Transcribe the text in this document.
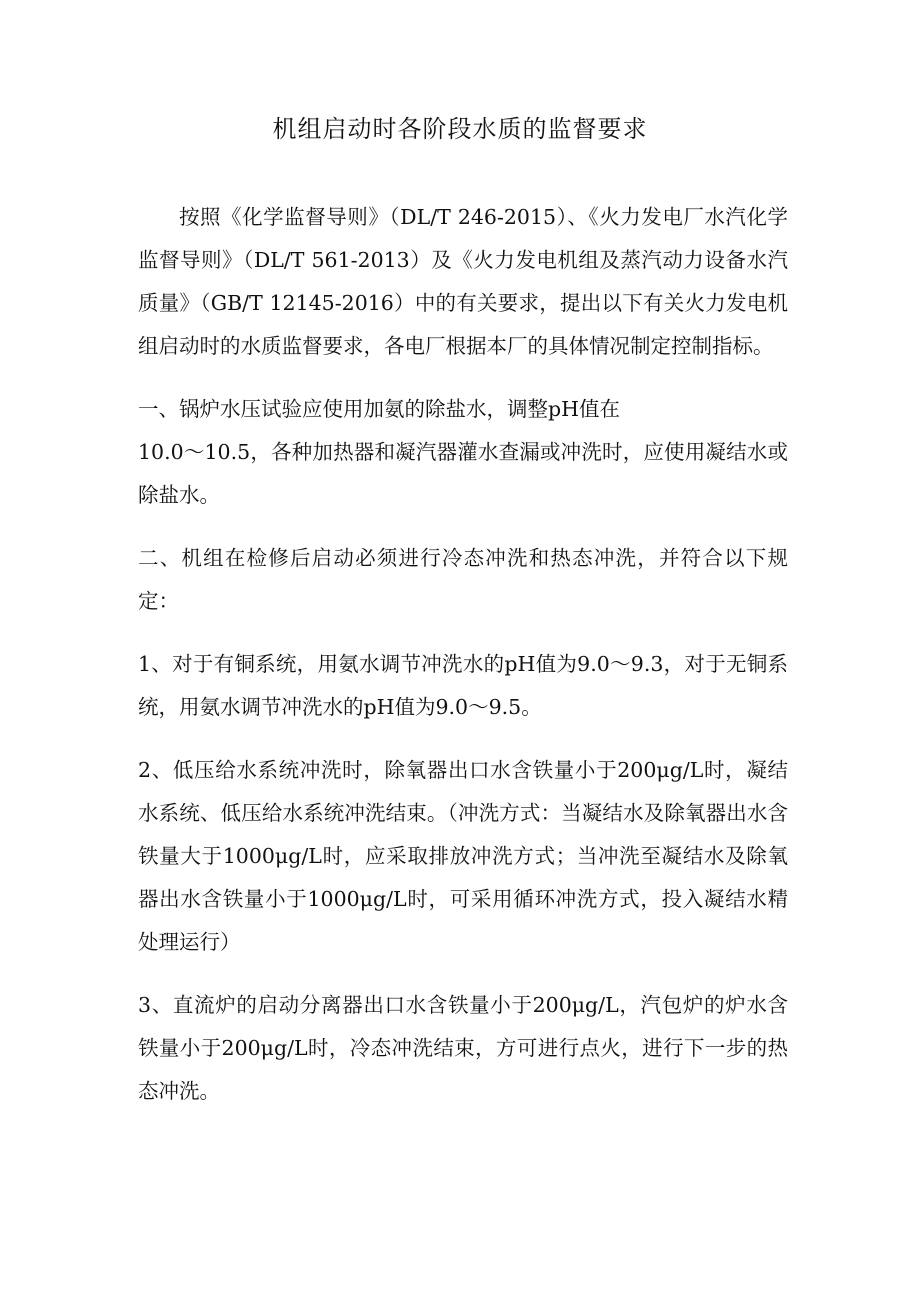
机组启动时各阶段水质的监督要求

按照《化学监督导则》（DL/T 246-2015）、《火力发电厂水汽化学监督导则》（DL/T 561-2013）及《火力发电机组及蒸汽动力设备水汽质量》（GB/T 12145-2016）中的有关要求，提出以下有关火力发电机组启动时的水质监督要求，各电厂根据本厂的具体情况制定控制指标。

一、锅炉水压试验应使用加氨的除盐水，调整pH值在
10.0～10.5，各种加热器和凝汽器灌水查漏或冲洗时，应使用凝结水或除盐水。

二、机组在检修后启动必须进行冷态冲洗和热态冲洗，并符合以下规定：

1、对于有铜系统，用氨水调节冲洗水的pH值为9.0～9.3，对于无铜系统，用氨水调节冲洗水的pH值为9.0～9.5。

2、低压给水系统冲洗时，除氧器出口水含铁量小于200μg/L时，凝结水系统、低压给水系统冲洗结束。（冲洗方式：当凝结水及除氧器出水含铁量大于1000μg/L时，应采取排放冲洗方式；当冲洗至凝结水及除氧器出水含铁量小于1000μg/L时，可采用循环冲洗方式，投入凝结水精处理运行）

3、直流炉的启动分离器出口水含铁量小于200μg/L，汽包炉的炉水含铁量小于200μg/L时，冷态冲洗结束，方可进行点火，进行下一步的热态冲洗。
